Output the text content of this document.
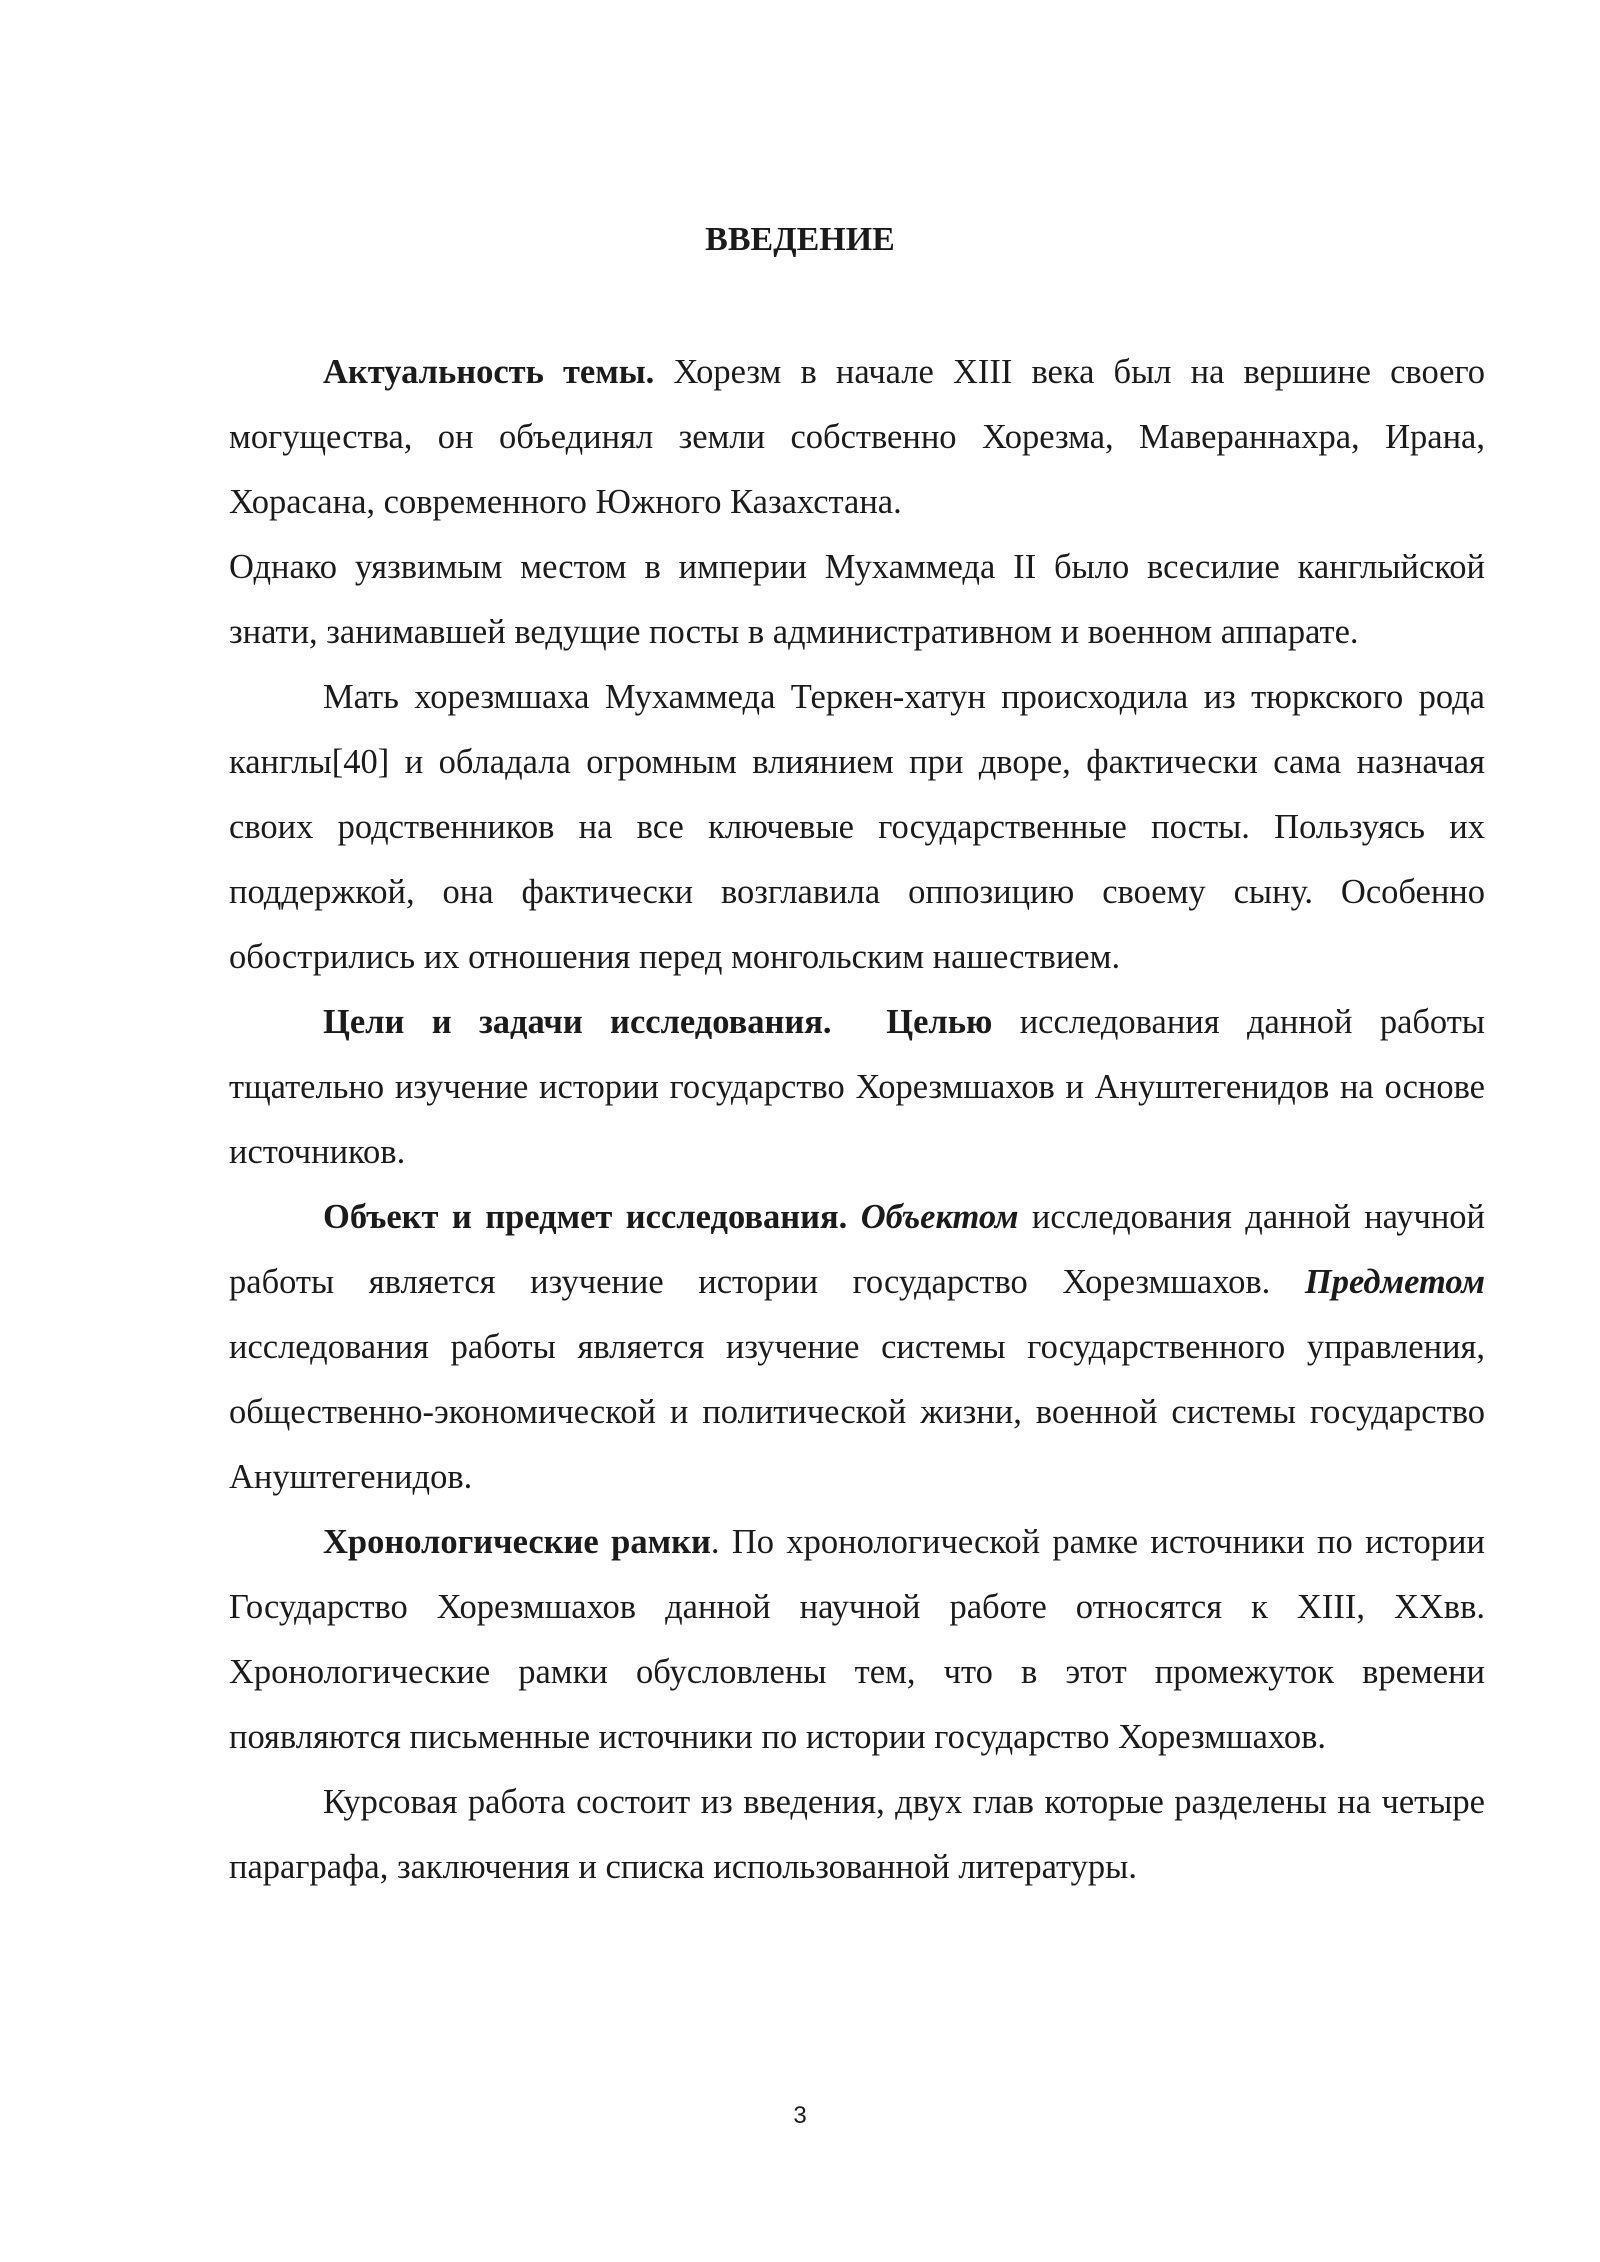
ВВЕДЕНИЕ

Актуальность темы. Хорезм в начале XIII века был на вершине своего могущества, он объединял земли собственно Хорезма, Мавераннахра, Ирана, Хорасана, современного Южного Казахстана.

Однако уязвимым местом в империи Мухаммеда II было всесилие канглыйской знати, занимавшей ведущие посты в административном и военном аппарате.

Мать хорезмшаха Мухаммеда Теркен-хатун происходила из тюркского рода канглы[40] и обладала огромным влиянием при дворе, фактически сама назначая своих родственников на все ключевые государственные посты. Пользуясь их поддержкой, она фактически возглавила оппозицию своему сыну. Особенно обострились их отношения перед монгольским нашествием.

Цели и задачи исследования. Целью исследования данной работы тщательно изучение истории государство Хорезмшахов и Ануштегенидов на основе источников.

Объект и предмет исследования. Объектом исследования данной научной работы является изучение истории государство Хорезмшахов. Предметом исследования работы является изучение системы государственного управления, общественно-экономической и политической жизни, военной системы государство Ануштегенидов.

Хронологические рамки. По хронологической рамке источники по истории Государство Хорезмшахов данной научной работе относятся к XIII, XXвв. Хронологические рамки обусловлены тем, что в этот промежуток времени появляются письменные источники по истории государство Хорезмшахов.

Курсовая работа состоит из введения, двух глав которые разделены на четыре параграфа, заключения и списка использованной литературы.

3
